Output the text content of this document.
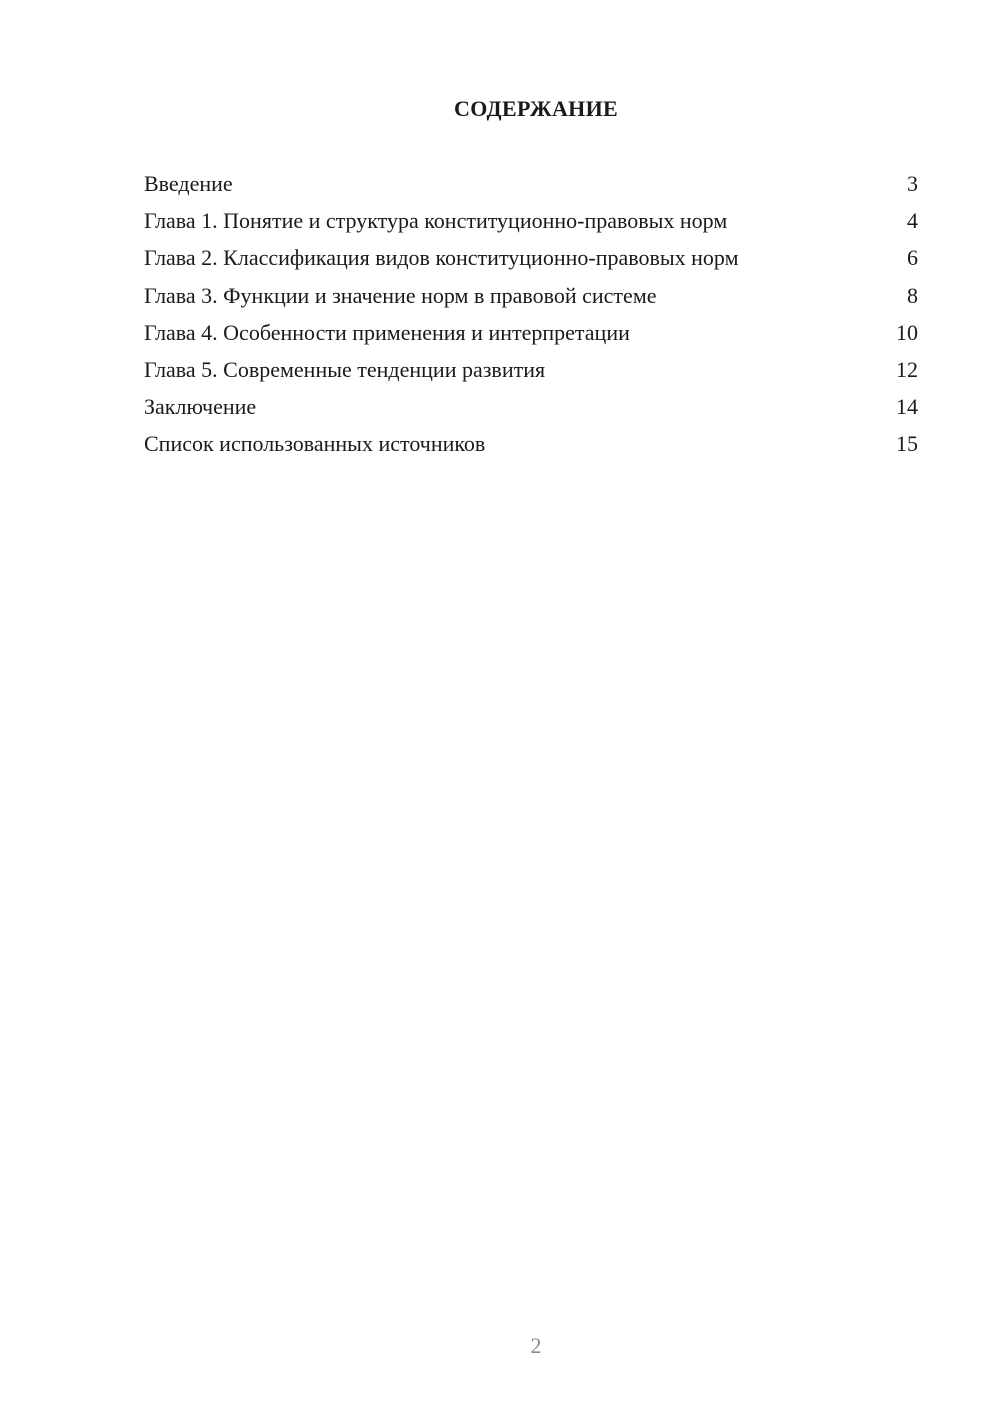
СОДЕРЖАНИЕ
Введение	3
Глава 1. Понятие и структура конституционно-правовых норм	4
Глава 2. Классификация видов конституционно-правовых норм	6
Глава 3. Функции и значение норм в правовой системе	8
Глава 4. Особенности применения и интерпретации	10
Глава 5. Современные тенденции развития	12
Заключение	14
Список использованных источников	15
2
